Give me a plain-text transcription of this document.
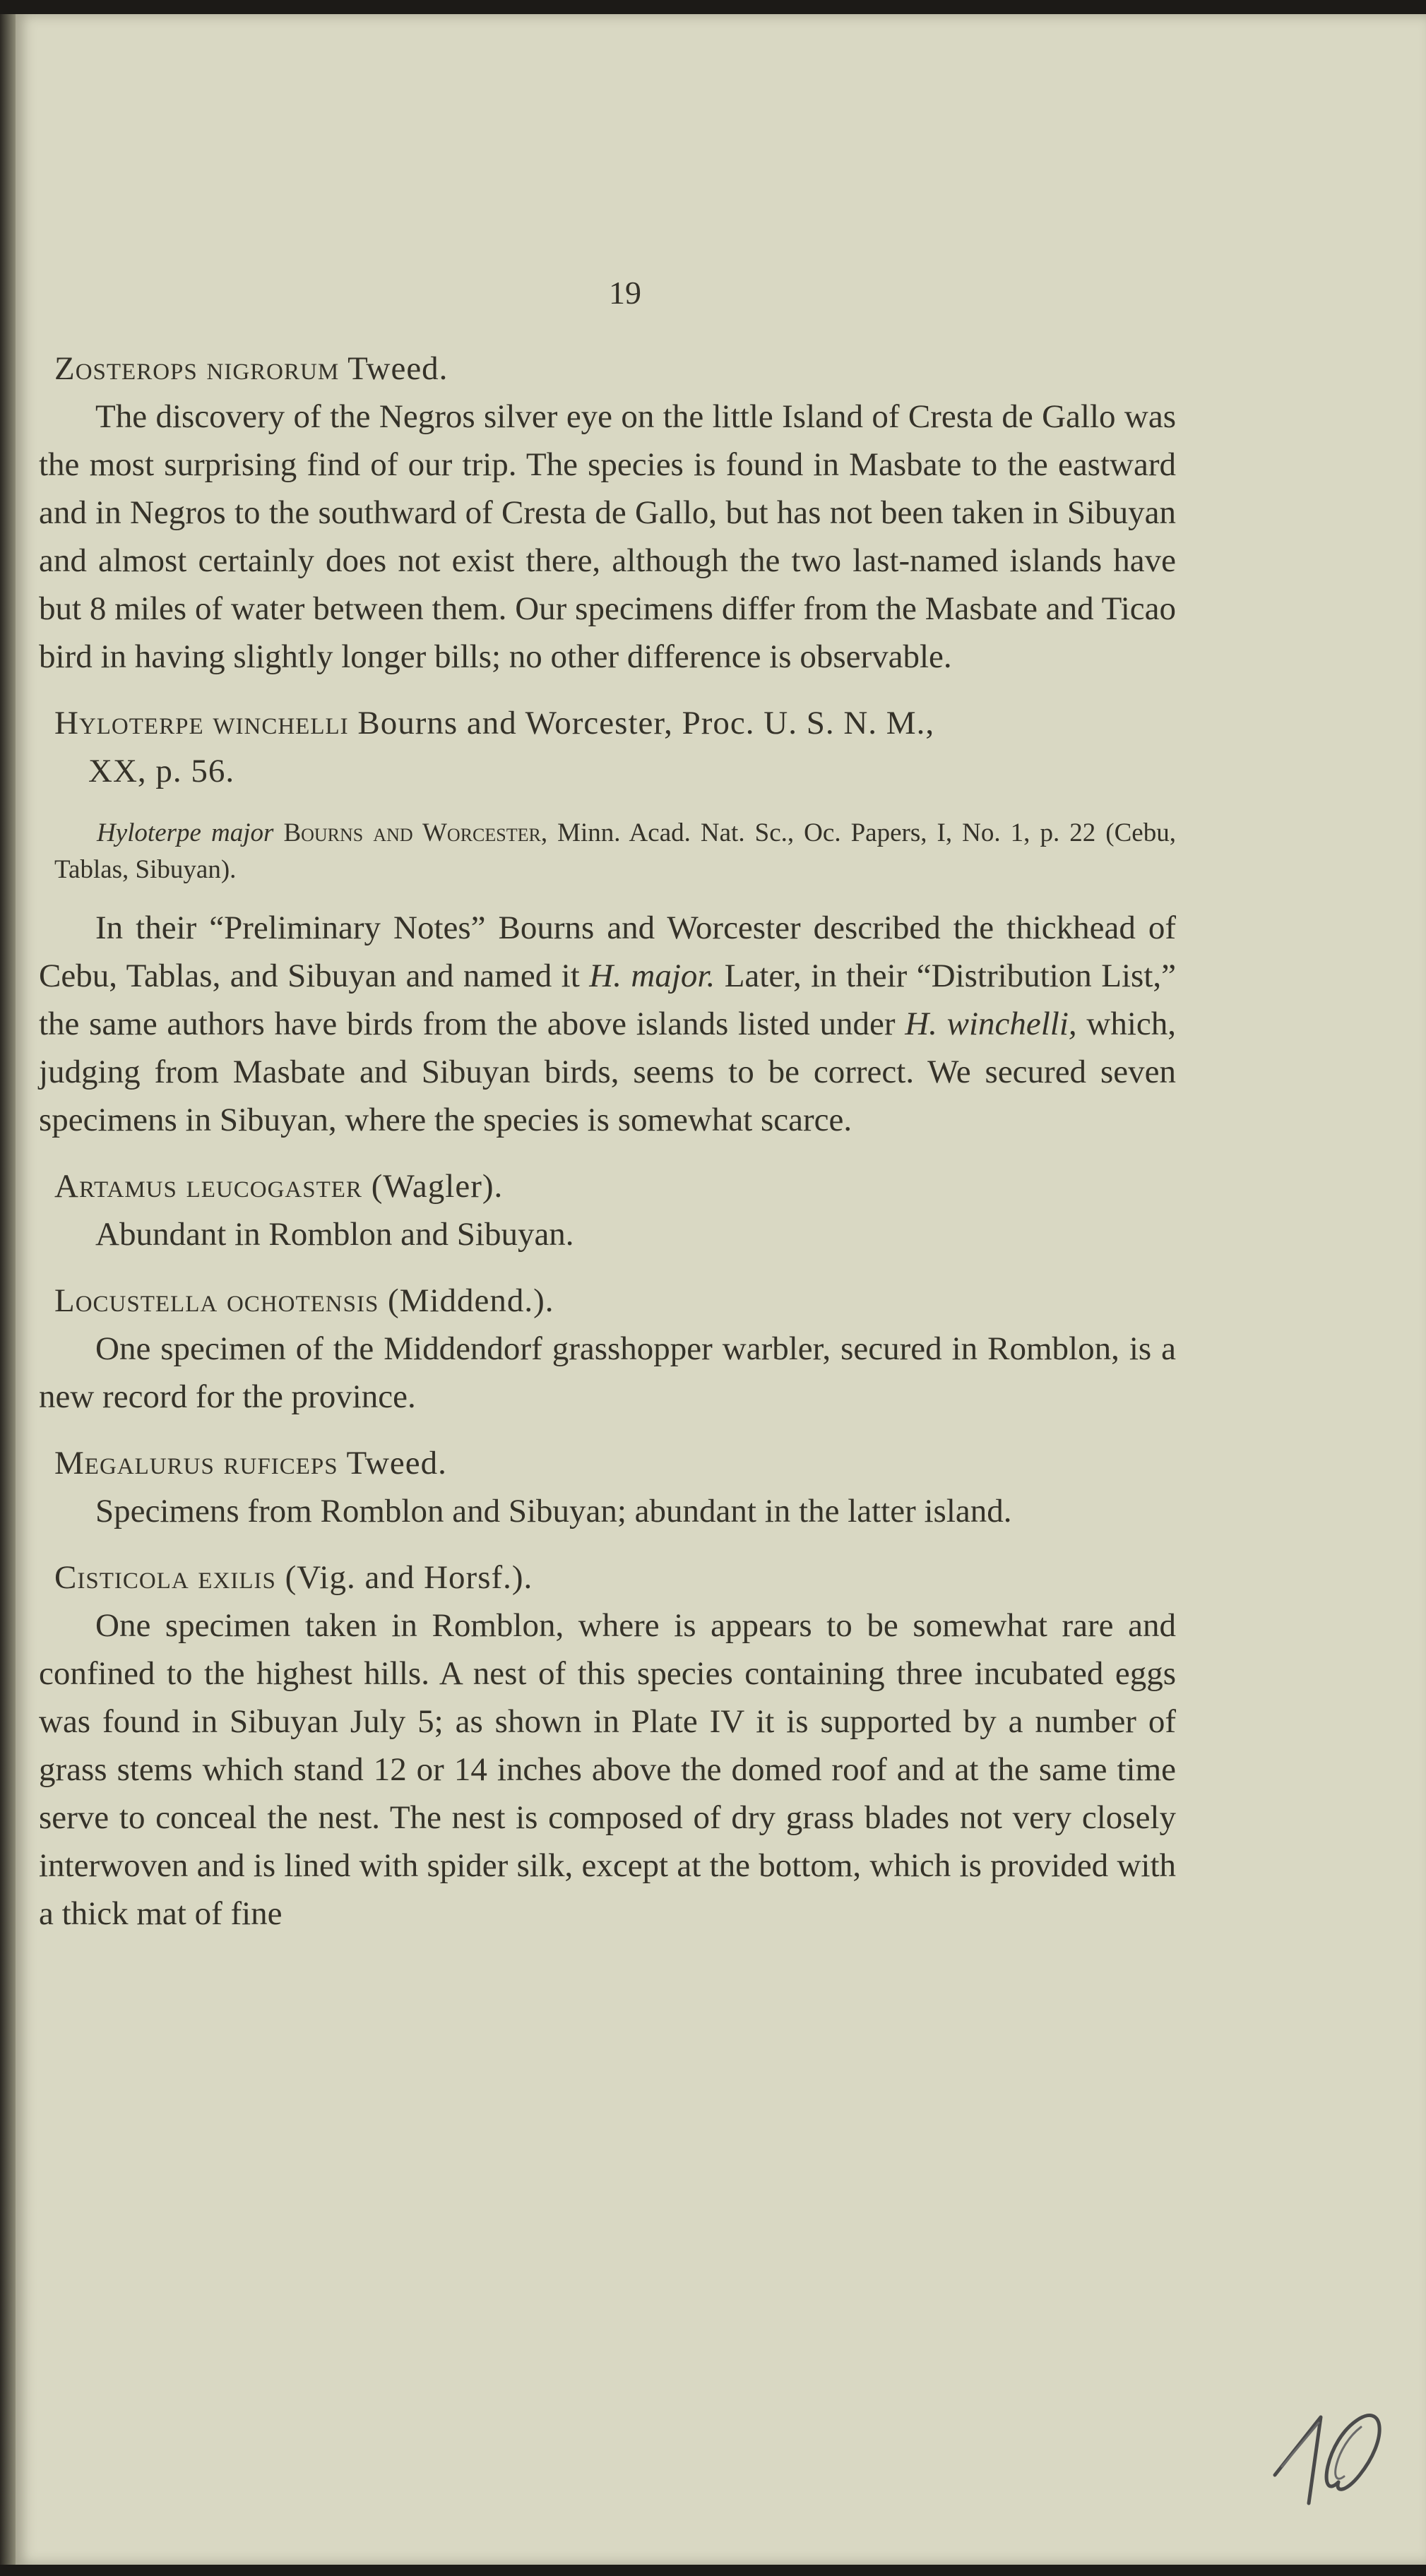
19

Zosterops nigrorum Tweed.

The discovery of the Negros silver eye on the little Island of Cresta de Gallo was the most surprising find of our trip. The species is found in Masbate to the eastward and in Negros to the southward of Cresta de Gallo, but has not been taken in Sibuyan and almost certainly does not exist there, although the two last-named islands have but 8 miles of water between them. Our specimens differ from the Masbate and Ticao bird in having slightly longer bills; no other difference is observable.

Hyloterpe winchelli Bourns and Worcester, Proc. U. S. N. M.,
XX, p. 56.

Hyloterpe major Bourns and Worcester, Minn. Acad. Nat. Sc., Oc. Papers, I, No. 1, p. 22 (Cebu, Tablas, Sibuyan).

In their “Preliminary Notes” Bourns and Worcester described the thickhead of Cebu, Tablas, and Sibuyan and named it H. major. Later, in their “Distribution List,” the same authors have birds from the above islands listed under H. winchelli, which, judging from Masbate and Sibuyan birds, seems to be correct. We secured seven specimens in Sibuyan, where the species is somewhat scarce.

Artamus leucogaster (Wagler).

Abundant in Romblon and Sibuyan.

Locustella ochotensis (Middend.).

One specimen of the Middendorf grasshopper warbler, secured in Romblon, is a new record for the province.

Megalurus ruficeps Tweed.

Specimens from Romblon and Sibuyan; abundant in the latter island.

Cisticola exilis (Vig. and Horsf.).

One specimen taken in Romblon, where is appears to be somewhat rare and confined to the highest hills. A nest of this species containing three incubated eggs was found in Sibuyan July 5; as shown in Plate IV it is supported by a number of grass stems which stand 12 or 14 inches above the domed roof and at the same time serve to conceal the nest. The nest is composed of dry grass blades not very closely interwoven and is lined with spider silk, except at the bottom, which is provided with a thick mat of fine
